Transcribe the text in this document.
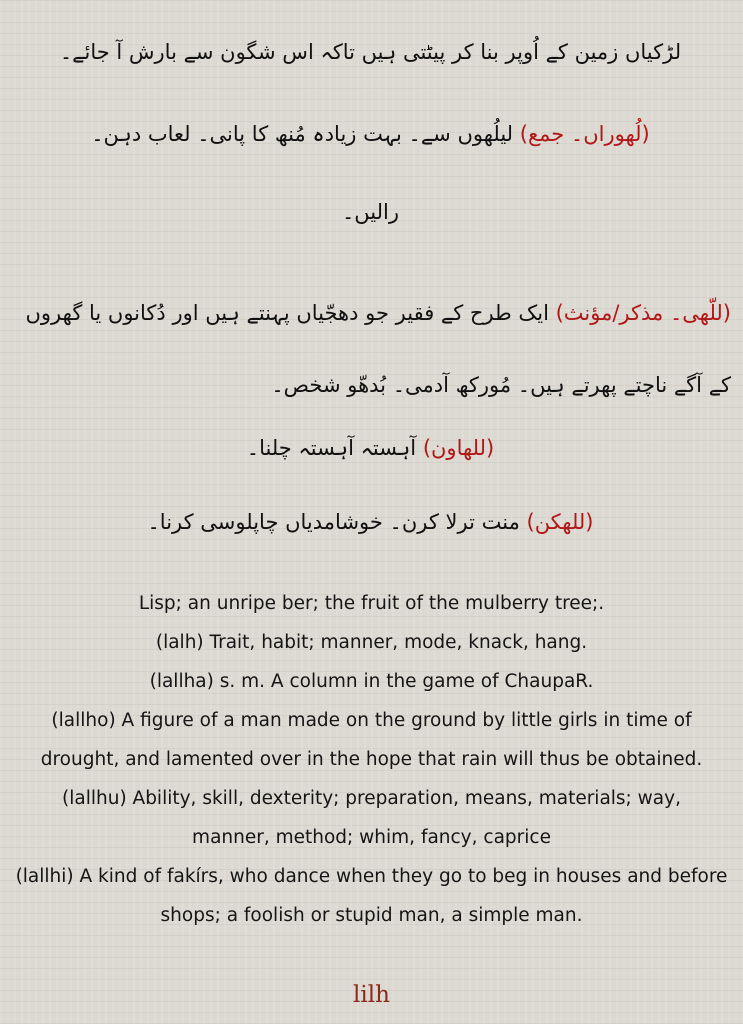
لڑکیاں زمین کے اُوپر بنا کر پیٹتی ہیں تاکہ اس شگون سے بارش آ جائے۔
(لُھوراں۔ جمع) لیلُھوں سے۔ بہت زیادہ مُنھ کا پانی۔ لعاب دہن۔
رالیں۔
(للّھی۔ مذکر/مؤنث) ایک طرح کے فقیر جو دھجّیاں پہنتے ہیں اور دُکانوں یا گھروں کے آگے ناچتے پھرتے ہیں۔ مُورکھ آدمی۔ بُدھّو شخص۔
(للھاون) آہستہ آہستہ چلنا۔
(للھکن) منت ترلا کرن۔ خوشامدیاں چاپلوسی کرنا۔

Lisp; an unripe ber; the fruit of the mulberry tree;.

(lalh) Trait, habit; manner, mode, knack, hang.

(lallha) s. m. A column in the game of ChaupaR.

(lallho) A figure of a man made on the ground by little girls in time of drought, and lamented over in the hope that rain will thus be obtained.

(lallhu) Ability, skill, dexterity; preparation, means, materials; way, manner, method; whim, fancy, caprice

(lallhi) A kind of fakírs, who dance when they go to beg in houses and before shops; a foolish or stupid man, a simple man.

lilh
